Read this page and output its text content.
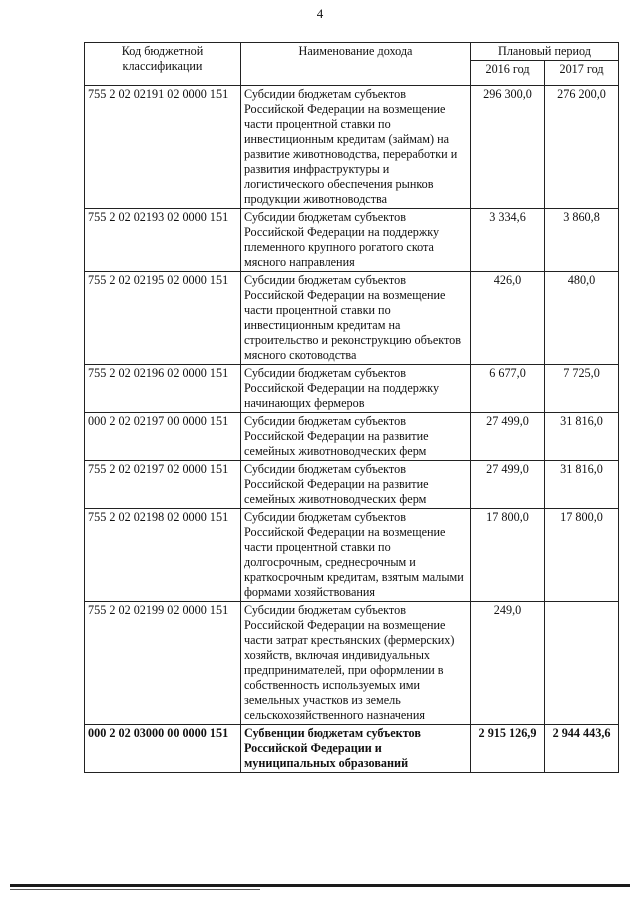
4
Код бюджетной классификации	Наименование дохода	Плановый период	
		2016 год	2017 год
755 2 02 02191 02 0000 151	Субсидии бюджетам субъектов Российской Федерации на возмещение части процентной ставки по инвестиционным кредитам (займам) на развитие животноводства, переработки и развития инфраструктуры и логистического обеспечения рынков продукции животноводства	296 300,0	276 200,0
755 2 02 02193 02 0000 151	Субсидии бюджетам субъектов Российской Федерации на поддержку племенного крупного рогатого скота мясного направления	3 334,6	3 860,8
755 2 02 02195 02 0000 151	Субсидии бюджетам субъектов Российской Федерации на возмещение части процентной ставки по инвестиционным кредитам на строительство и реконструкцию объектов мясного скотоводства	426,0	480,0
755 2 02 02196 02 0000 151	Субсидии бюджетам субъектов Российской Федерации на поддержку начинающих фермеров	6 677,0	7 725,0
000 2 02 02197 00 0000 151	Субсидии бюджетам субъектов Российской Федерации на развитие семейных животноводческих ферм	27 499,0	31 816,0
755 2 02 02197 02 0000 151	Субсидии бюджетам субъектов Российской Федерации на развитие семейных животноводческих ферм	27 499,0	31 816,0
755 2 02 02198 02 0000 151	Субсидии бюджетам субъектов Российской Федерации на возмещение части процентной ставки по долгосрочным, среднесрочным и краткосрочным кредитам, взятым малыми формами хозяйствования	17 800,0	17 800,0
755 2 02 02199 02 0000 151	Субсидии бюджетам субъектов Российской Федерации на возмещение части затрат крестьянских (фермерских) хозяйств, включая индивидуальных предпринимателей, при оформлении в собственность используемых ими земельных участков из земель сельскохозяйственного назначения	249,0	
000 2 02 03000 00 0000 151	Субвенции бюджетам субъектов Российской Федерации и муниципальных образований	2 915 126,9	2 944 443,6
